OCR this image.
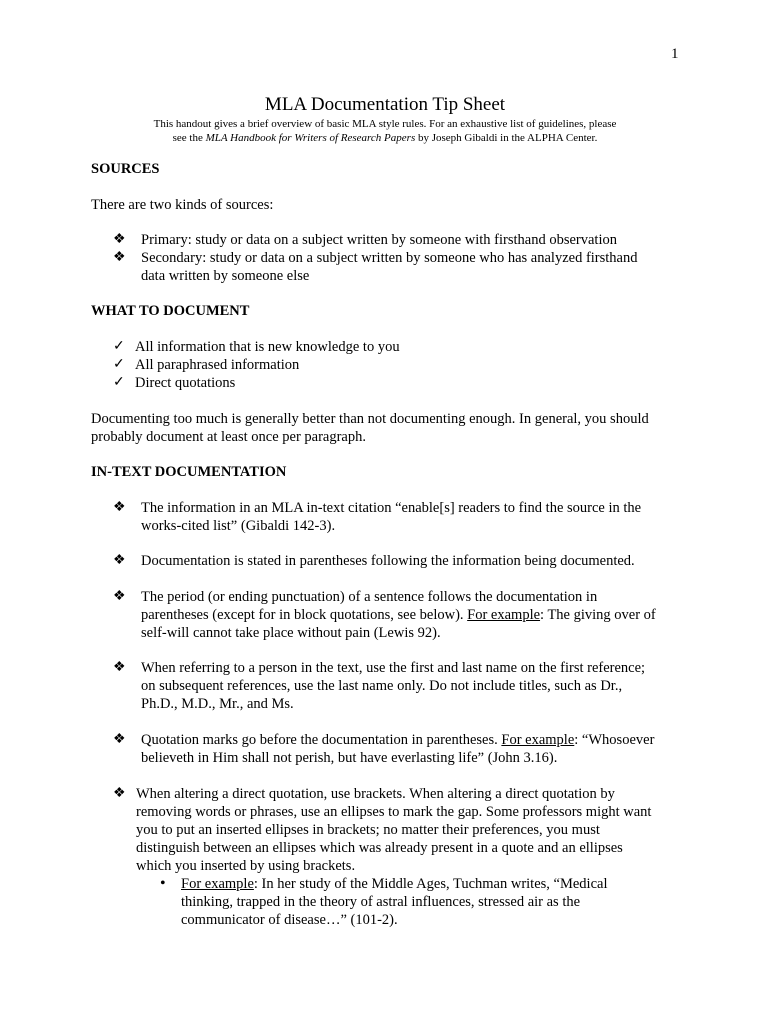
1
MLA Documentation Tip Sheet
This handout gives a brief overview of basic MLA style rules. For an exhaustive list of guidelines, please
see the MLA Handbook for Writers of Research Papers by Joseph Gibaldi in the ALPHA Center.
SOURCES
There are two kinds of sources:
❖ Primary: study or data on a subject written by someone with firsthand observation
❖ Secondary: study or data on a subject written by someone who has analyzed firsthand
data written by someone else
WHAT TO DOCUMENT
✓ All information that is new knowledge to you
✓ All paraphrased information
✓ Direct quotations
Documenting too much is generally better than not documenting enough. In general, you should
probably document at least once per paragraph.
IN-TEXT DOCUMENTATION
❖ The information in an MLA in-text citation “enable[s] readers to find the source in the
works-cited list” (Gibaldi 142-3).
❖ Documentation is stated in parentheses following the information being documented.
❖ The period (or ending punctuation) of a sentence follows the documentation in
parentheses (except for in block quotations, see below). For example: The giving over of
self-will cannot take place without pain (Lewis 92).
❖ When referring to a person in the text, use the first and last name on the first reference;
on subsequent references, use the last name only. Do not include titles, such as Dr.,
Ph.D., M.D., Mr., and Ms.
❖ Quotation marks go before the documentation in parentheses. For example: “Whosoever
believeth in Him shall not perish, but have everlasting life” (John 3.16).
❖ When altering a direct quotation, use brackets. When altering a direct quotation by
removing words or phrases, use an ellipses to mark the gap. Some professors might want
you to put an inserted ellipses in brackets; no matter their preferences, you must
distinguish between an ellipses which was already present in a quote and an ellipses
which you inserted by using brackets.
• For example: In her study of the Middle Ages, Tuchman writes, “Medical
thinking, trapped in the theory of astral influences, stressed air as the
communicator of disease…” (101-2).
